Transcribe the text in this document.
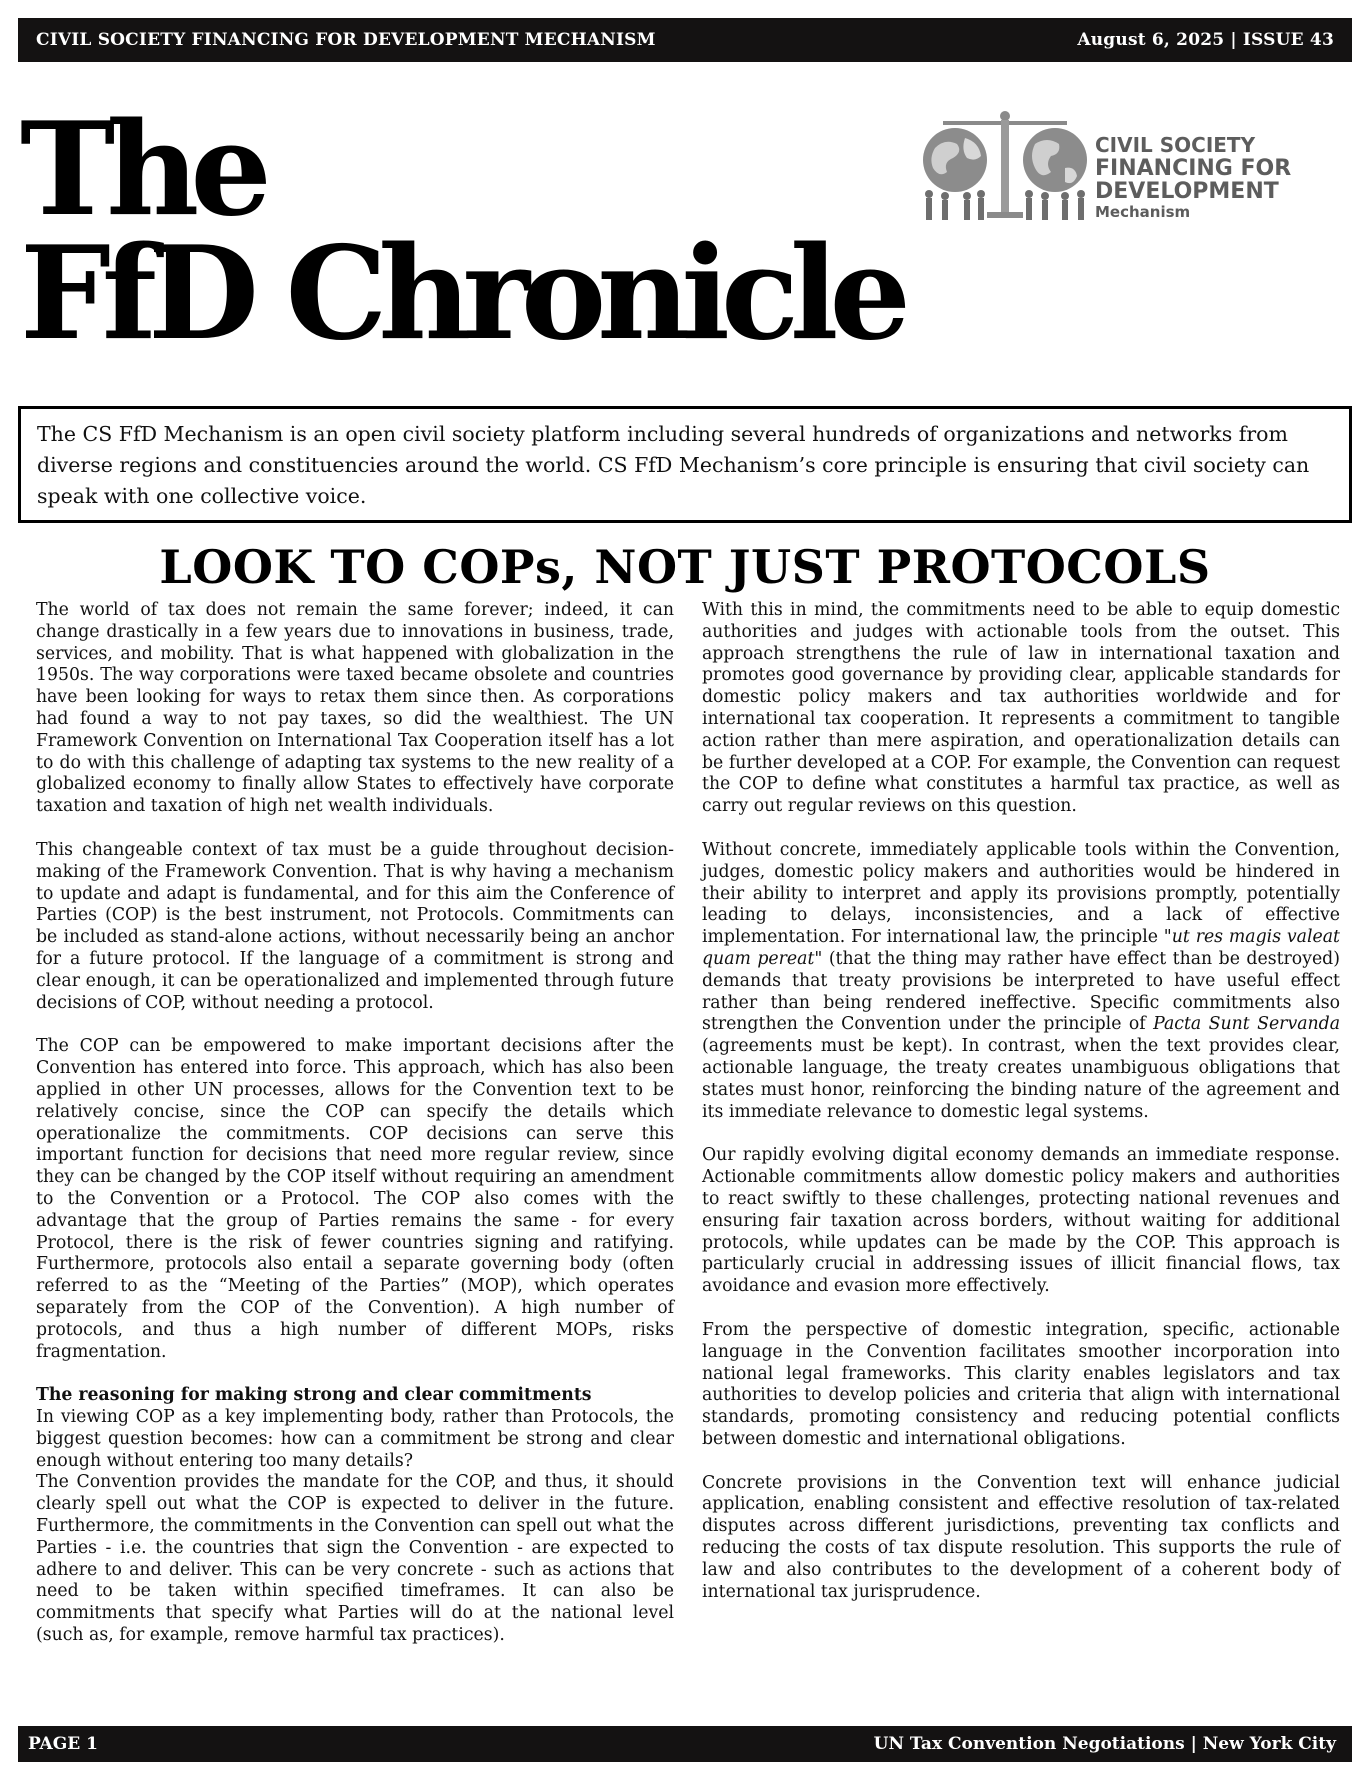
CIVIL SOCIETY FINANCING FOR DEVELOPMENT MECHANISM	August 6, 2025 | ISSUE 43
The
FfD Chronicle
CIVIL SOCIETY
FINANCING FOR
DEVELOPMENT
Mechanism
The CS FfD Mechanism is an open civil society platform including several hundreds of organizations and networks from diverse regions and constituencies around the world. CS FfD Mechanism’s core principle is ensuring that civil society can speak with one collective voice.
LOOK TO COPs, NOT JUST PROTOCOLS

The world of tax does not remain the same forever; indeed, it can change drastically in a few years due to innovations in business, trade, services, and mobility. That is what happened with globalization in the 1950s. The way corporations were taxed became obsolete and countries have been looking for ways to retax them since then. As corporations had found a way to not pay taxes, so did the wealthiest. The UN Framework Convention on International Tax Cooperation itself has a lot to do with this challenge of adapting tax systems to the new reality of a globalized economy to finally allow States to effectively have corporate taxation and taxation of high net wealth individuals.

This changeable context of tax must be a guide throughout decision-making of the Framework Convention. That is why having a mechanism to update and adapt is fundamental, and for this aim the Conference of Parties (COP) is the best instrument, not Protocols. Commitments can be included as stand-alone actions, without necessarily being an anchor for a future protocol. If the language of a commitment is strong and clear enough, it can be operationalized and implemented through future decisions of COP, without needing a protocol.

The COP can be empowered to make important decisions after the Convention has entered into force. This approach, which has also been applied in other UN processes, allows for the Convention text to be relatively concise, since the COP can specify the details which operationalize the commitments. COP decisions can serve this important function for decisions that need more regular review, since they can be changed by the COP itself without requiring an amendment to the Convention or a Protocol. The COP also comes with the advantage that the group of Parties remains the same - for every Protocol, there is the risk of fewer countries signing and ratifying. Furthermore, protocols also entail a separate governing body (often referred to as the “Meeting of the Parties” (MOP), which operates separately from the COP of the Convention). A high number of protocols, and thus a high number of different MOPs, risks fragmentation.

The reasoning for making strong and clear commitments

In viewing COP as a key implementing body, rather than Protocols, the biggest question becomes: how can a commitment be strong and clear enough without entering too many details?

The Convention provides the mandate for the COP, and thus, it should clearly spell out what the COP is expected to deliver in the future. Furthermore, the commitments in the Convention can spell out what the Parties - i.e. the countries that sign the Convention - are expected to adhere to and deliver. This can be very concrete - such as actions that need to be taken within specified timeframes. It can also be commitments that specify what Parties will do at the national level (such as, for example, remove harmful tax practices).

With this in mind, the commitments need to be able to equip domestic authorities and judges with actionable tools from the outset. This approach strengthens the rule of law in international taxation and promotes good governance by providing clear, applicable standards for domestic policy makers and tax authorities worldwide and for international tax cooperation. It represents a commitment to tangible action rather than mere aspiration, and operationalization details can be further developed at a COP. For example, the Convention can request the COP to define what constitutes a harmful tax practice, as well as carry out regular reviews on this question.

Without concrete, immediately applicable tools within the Convention, judges, domestic policy makers and authorities would be hindered in their ability to interpret and apply its provisions promptly, potentially leading to delays, inconsistencies, and a lack of effective implementation. For international law, the principle "ut res magis valeat quam pereat" (that the thing may rather have effect than be destroyed) demands that treaty provisions be interpreted to have useful effect rather than being rendered ineffective. Specific commitments also strengthen the Convention under the principle of Pacta Sunt Servanda (agreements must be kept). In contrast, when the text provides clear, actionable language, the treaty creates unambiguous obligations that states must honor, reinforcing the binding nature of the agreement and its immediate relevance to domestic legal systems.

Our rapidly evolving digital economy demands an immediate response. Actionable commitments allow domestic policy makers and authorities to react swiftly to these challenges, protecting national revenues and ensuring fair taxation across borders, without waiting for additional protocols, while updates can be made by the COP. This approach is particularly crucial in addressing issues of illicit financial flows, tax avoidance and evasion more effectively.

From the perspective of domestic integration, specific, actionable language in the Convention facilitates smoother incorporation into national legal frameworks. This clarity enables legislators and tax authorities to develop policies and criteria that align with international standards, promoting consistency and reducing potential conflicts between domestic and international obligations.

Concrete provisions in the Convention text will enhance judicial application, enabling consistent and effective resolution of tax-related disputes across different jurisdictions, preventing tax conflicts and reducing the costs of tax dispute resolution. This supports the rule of law and also contributes to the development of a coherent body of international tax jurisprudence.

PAGE 1	UN Tax Convention Negotiations | New York City
